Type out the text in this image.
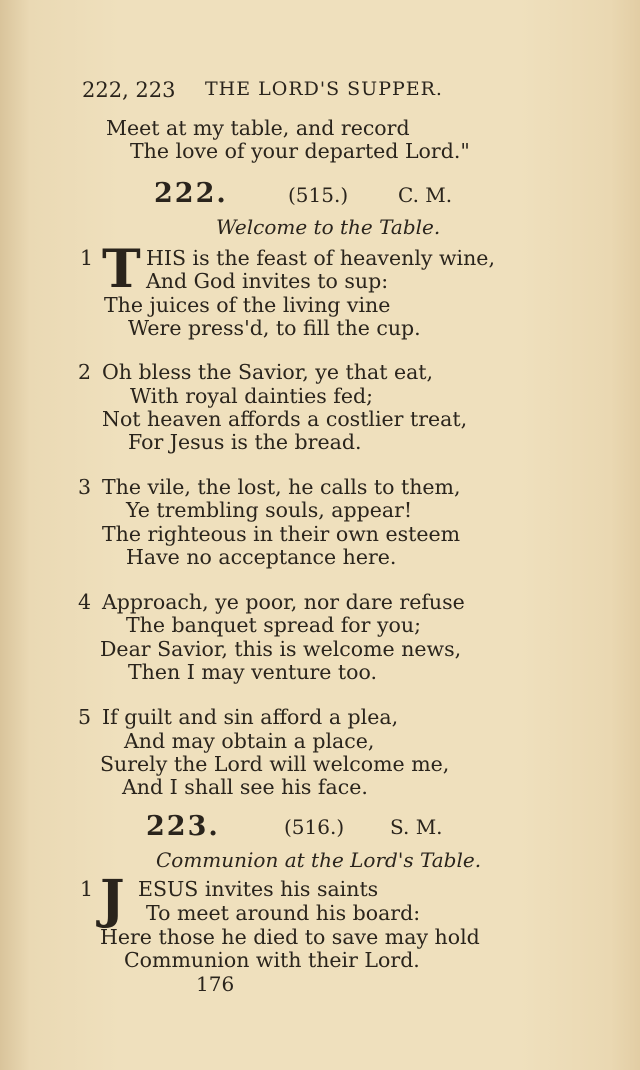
222, 223 THE LORD'S SUPPER.
Meet at my table, and record
The love of your departed Lord."
222.	(515.) C. M.
Welcome to the Table.
1 T HIS is the feast of heavenly wine,
And God invites to sup:
The juices of the living vine
Were press'd, to fill the cup.
2 Oh bless the Savior, ye that eat,
With royal dainties fed;
Not heaven affords a costlier treat,
For Jesus is the bread.
3 The vile, the lost, he calls to them,
Ye trembling souls, appear!
The righteous in their own esteem
Have no acceptance here.
4 Approach, ye poor, nor dare refuse
The banquet spread for you;
Dear Savior, this is welcome news,
Then I may venture too.
5 If guilt and sin afford a plea,
And may obtain a place,
Surely the Lord will welcome me,
And I shall see his face.
223.	(516.) S. M.
Communion at the Lord's Table.
1 J ESUS invites his saints
To meet around his board:
Here those he died to save may hold
Communion with their Lord.
176
